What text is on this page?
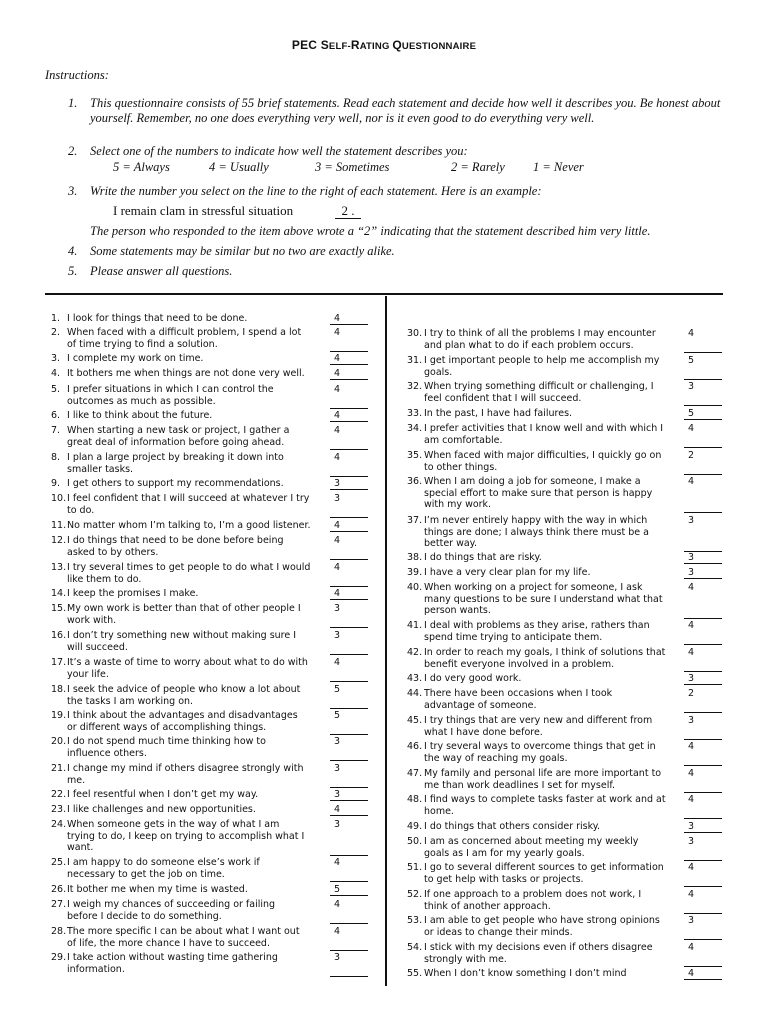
PEC SELF-RATING QUESTIONNAIRE
Instructions:
1. This questionnaire consists of 55 brief statements. Read each statement and decide how well it describes you. Be honest about yourself. Remember, no one does everything very well, nor is it even good to do everything very well.
2. Select one of the numbers to indicate how well the statement describes you:
5 = Always	4 = Usually	3 = Sometimes	2 = Rarely 1 = Never
3. Write the number you select on the line to the right of each statement. Here is an example:
I remain clam in stressful situation	2 .
The person who responded to the item above wrote a “2” indicating that the statement described him very little.
4. Some statements may be similar but no two are exactly alike.
5. Please answer all questions.
1. I look for things that need to be done.	4
2. When faced with a difficult problem, I spend a lot
of time trying to find a solution.
4
3. I complete my work on time.	4
4. It bothers me when things are not done very well.	4
5. I prefer situations in which I can control the
outcomes as much as possible.
4
6. I like to think about the future.	4
7. When starting a new task or project, I gather a
great deal of information before going ahead.
4
8. I plan a large project by breaking it down into
smaller tasks.
4
9. I get others to support my recommendations.	3
10. I feel confident that I will succeed at whatever I try
to do.
3
11. No matter whom I’m talking to, I’m a good listener. 4
12. I do things that need to be done before being
asked to by others.
4
13. I try several times to get people to do what I would
like them to do.
4
14. I keep the promises I make.	4
15. My own work is better than that of other people I
work with.
3
16. I don’t try something new without making sure I
will succeed.
3
17. It’s a waste of time to worry about what to do with
your life.
4
18. I seek the advice of people who know a lot about
the tasks I am working on.
5
19. I think about the advantages and disadvantages
or different ways of accomplishing things.
5
20. I do not spend much time thinking how to
influence others.
3
21. I change my mind if others disagree strongly with
me.
3
22. I feel resentful when I don’t get my way.	3
23. I like challenges and new opportunities.	4
24. When someone gets in the way of what I am
trying to do, I keep on trying to accomplish what I
want.
3
25. I am happy to do someone else’s work if
necessary to get the job on time.
4
26. It bother me when my time is wasted.	5
27. I weigh my chances of succeeding or failing
before I decide to do something.
4
28. The more specific I can be about what I want out
of life, the more chance I have to succeed.
4
29. I take action without wasting time gathering
information.
3
30. I try to think of all the problems I may encounter
and plan what to do if each problem occurs.
4
31. I get important people to help me accomplish my
goals.
5
32. When trying something difficult or challenging, I
feel confident that I will succeed.
3
33. In the past, I have had failures.	5
34. I prefer activities that I know well and with which I
am comfortable.
4
35. When faced with major difficulties, I quickly go on
to other things.
2
36. When I am doing a job for someone, I make a
special effort to make sure that person is happy
with my work.
4
37. I’m never entirely happy with the way in which
things are done; I always think there must be a
better way.
3
38. I do things that are risky.	3
39. I have a very clear plan for my life.	3
40. When working on a project for someone, I ask
many questions to be sure I understand what that
person wants.
4
41. I deal with problems as they arise, rathers than
spend time trying to anticipate them.
4
42. In order to reach my goals, I think of solutions that
benefit everyone involved in a problem.
4
43. I do very good work.	3
44. There have been occasions when I took
advantage of someone.
2
45. I try things that are very new and different from
what I have done before.
3
46. I try several ways to overcome things that get in
the way of reaching my goals.
4
47. My family and personal life are more important to
me than work deadlines I set for myself.
4
48. I find ways to complete tasks faster at work and at
home.
4
49. I do things that others consider risky.	3
50. I am as concerned about meeting my weekly
goals as I am for my yearly goals.
3
51. I go to several different sources to get information
to get help with tasks or projects.
4
52. If one approach to a problem does not work, I
think of another approach.
4
53. I am able to get people who have strong opinions
or ideas to change their minds.
3
54. I stick with my decisions even if others disagree
strongly with me.
4
55. When I don’t know something I don’t mind	4
